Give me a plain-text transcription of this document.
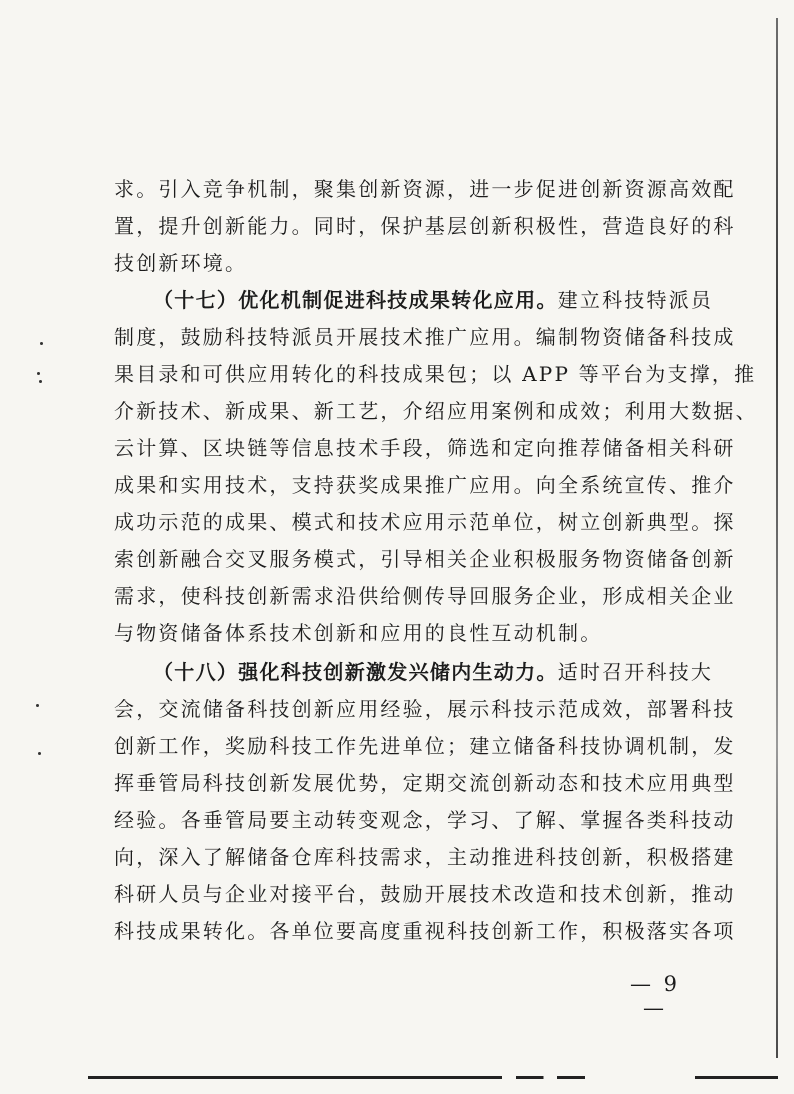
求。引入竞争机制，聚集创新资源，进一步促进创新资源高效配
置，提升创新能力。同时，保护基层创新积极性，营造良好的科
技创新环境。
（十七）优化机制促进科技成果转化应用。建立科技特派员
制度，鼓励科技特派员开展技术推广应用。编制物资储备科技成
果目录和可供应用转化的科技成果包；以 APP 等平台为支撑，推
介新技术、新成果、新工艺，介绍应用案例和成效；利用大数据、
云计算、区块链等信息技术手段，筛选和定向推荐储备相关科研
成果和实用技术，支持获奖成果推广应用。向全系统宣传、推介
成功示范的成果、模式和技术应用示范单位，树立创新典型。探
索创新融合交叉服务模式，引导相关企业积极服务物资储备创新
需求，使科技创新需求沿供给侧传导回服务企业，形成相关企业
与物资储备体系技术创新和应用的良性互动机制。
（十八）强化科技创新激发兴储内生动力。适时召开科技大
会，交流储备科技创新应用经验，展示科技示范成效，部署科技
创新工作，奖励科技工作先进单位；建立储备科技协调机制，发
挥垂管局科技创新发展优势，定期交流创新动态和技术应用典型
经验。各垂管局要主动转变观念，学习、了解、掌握各类科技动
向，深入了解储备仓库科技需求，主动推进科技创新，积极搭建
科研人员与企业对接平台，鼓励开展技术改造和技术创新，推动
科技成果转化。各单位要高度重视科技创新工作，积极落实各项
— 9 —
